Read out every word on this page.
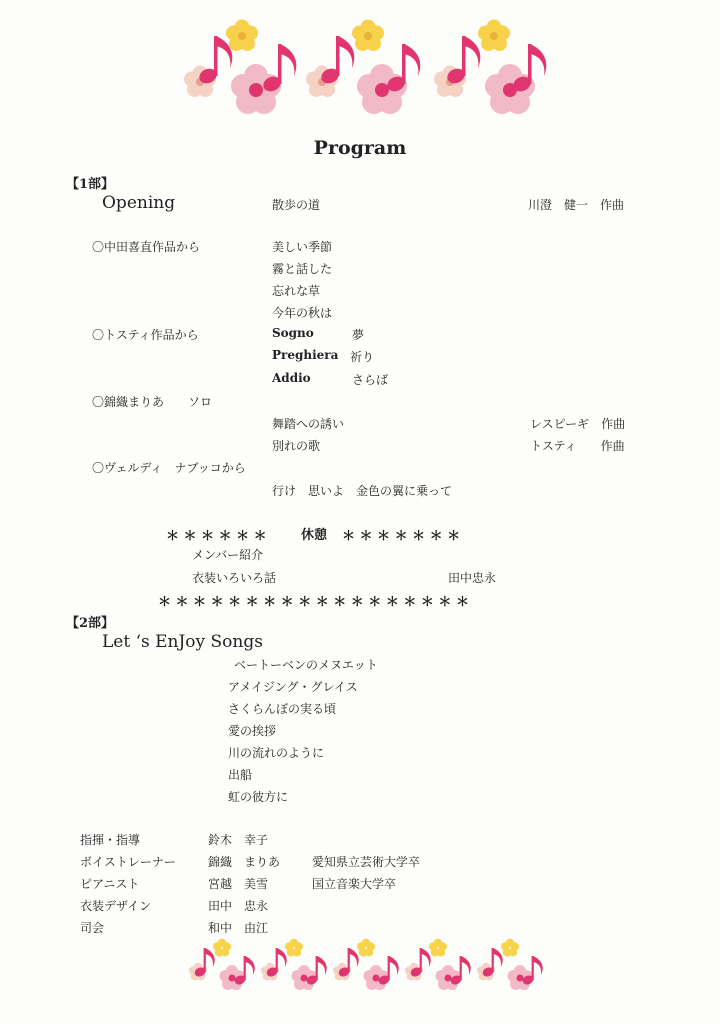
Program
【1部】
Opening	散歩の道	川澄　健一　作曲
〇中田喜直作品から	美しい季節
霧と話した
忘れな草
今年の秋は
〇トスティ作品から	Sogno	夢
Preghiera 祈り
Addio	さらば
〇錦織まりあ　　ソロ
舞踏への誘い	レスピーギ　作曲
別れの歌	トスティ　　作曲
〇ヴェルディ　ナブッコから
行け　思いよ　金色の翼に乗って
＊ ＊ ＊ ＊ ＊ ＊	休憩 ＊ ＊ ＊ ＊ ＊ ＊ ＊
メンバー紹介
衣装いろいろ話	田中忠永
＊ ＊ ＊ ＊ ＊ ＊ ＊ ＊ ＊ ＊ ＊ ＊ ＊ ＊ ＊ ＊ ＊ ＊
【2部】
Let ‘s EnJoy Songs
ベートーベンのメヌエット
アメイジング・グレイス
さくらんぼの実る頃
愛の挨拶
川の流れのように
出船
虹の彼方に
指揮・指導	鈴木　幸子
ボイストレーナー	錦織　まりあ	愛知県立芸術大学卒
ピアニスト	宮越　美雪	国立音楽大学卒
衣装デザイン	田中　忠永
司会	和中　由江
